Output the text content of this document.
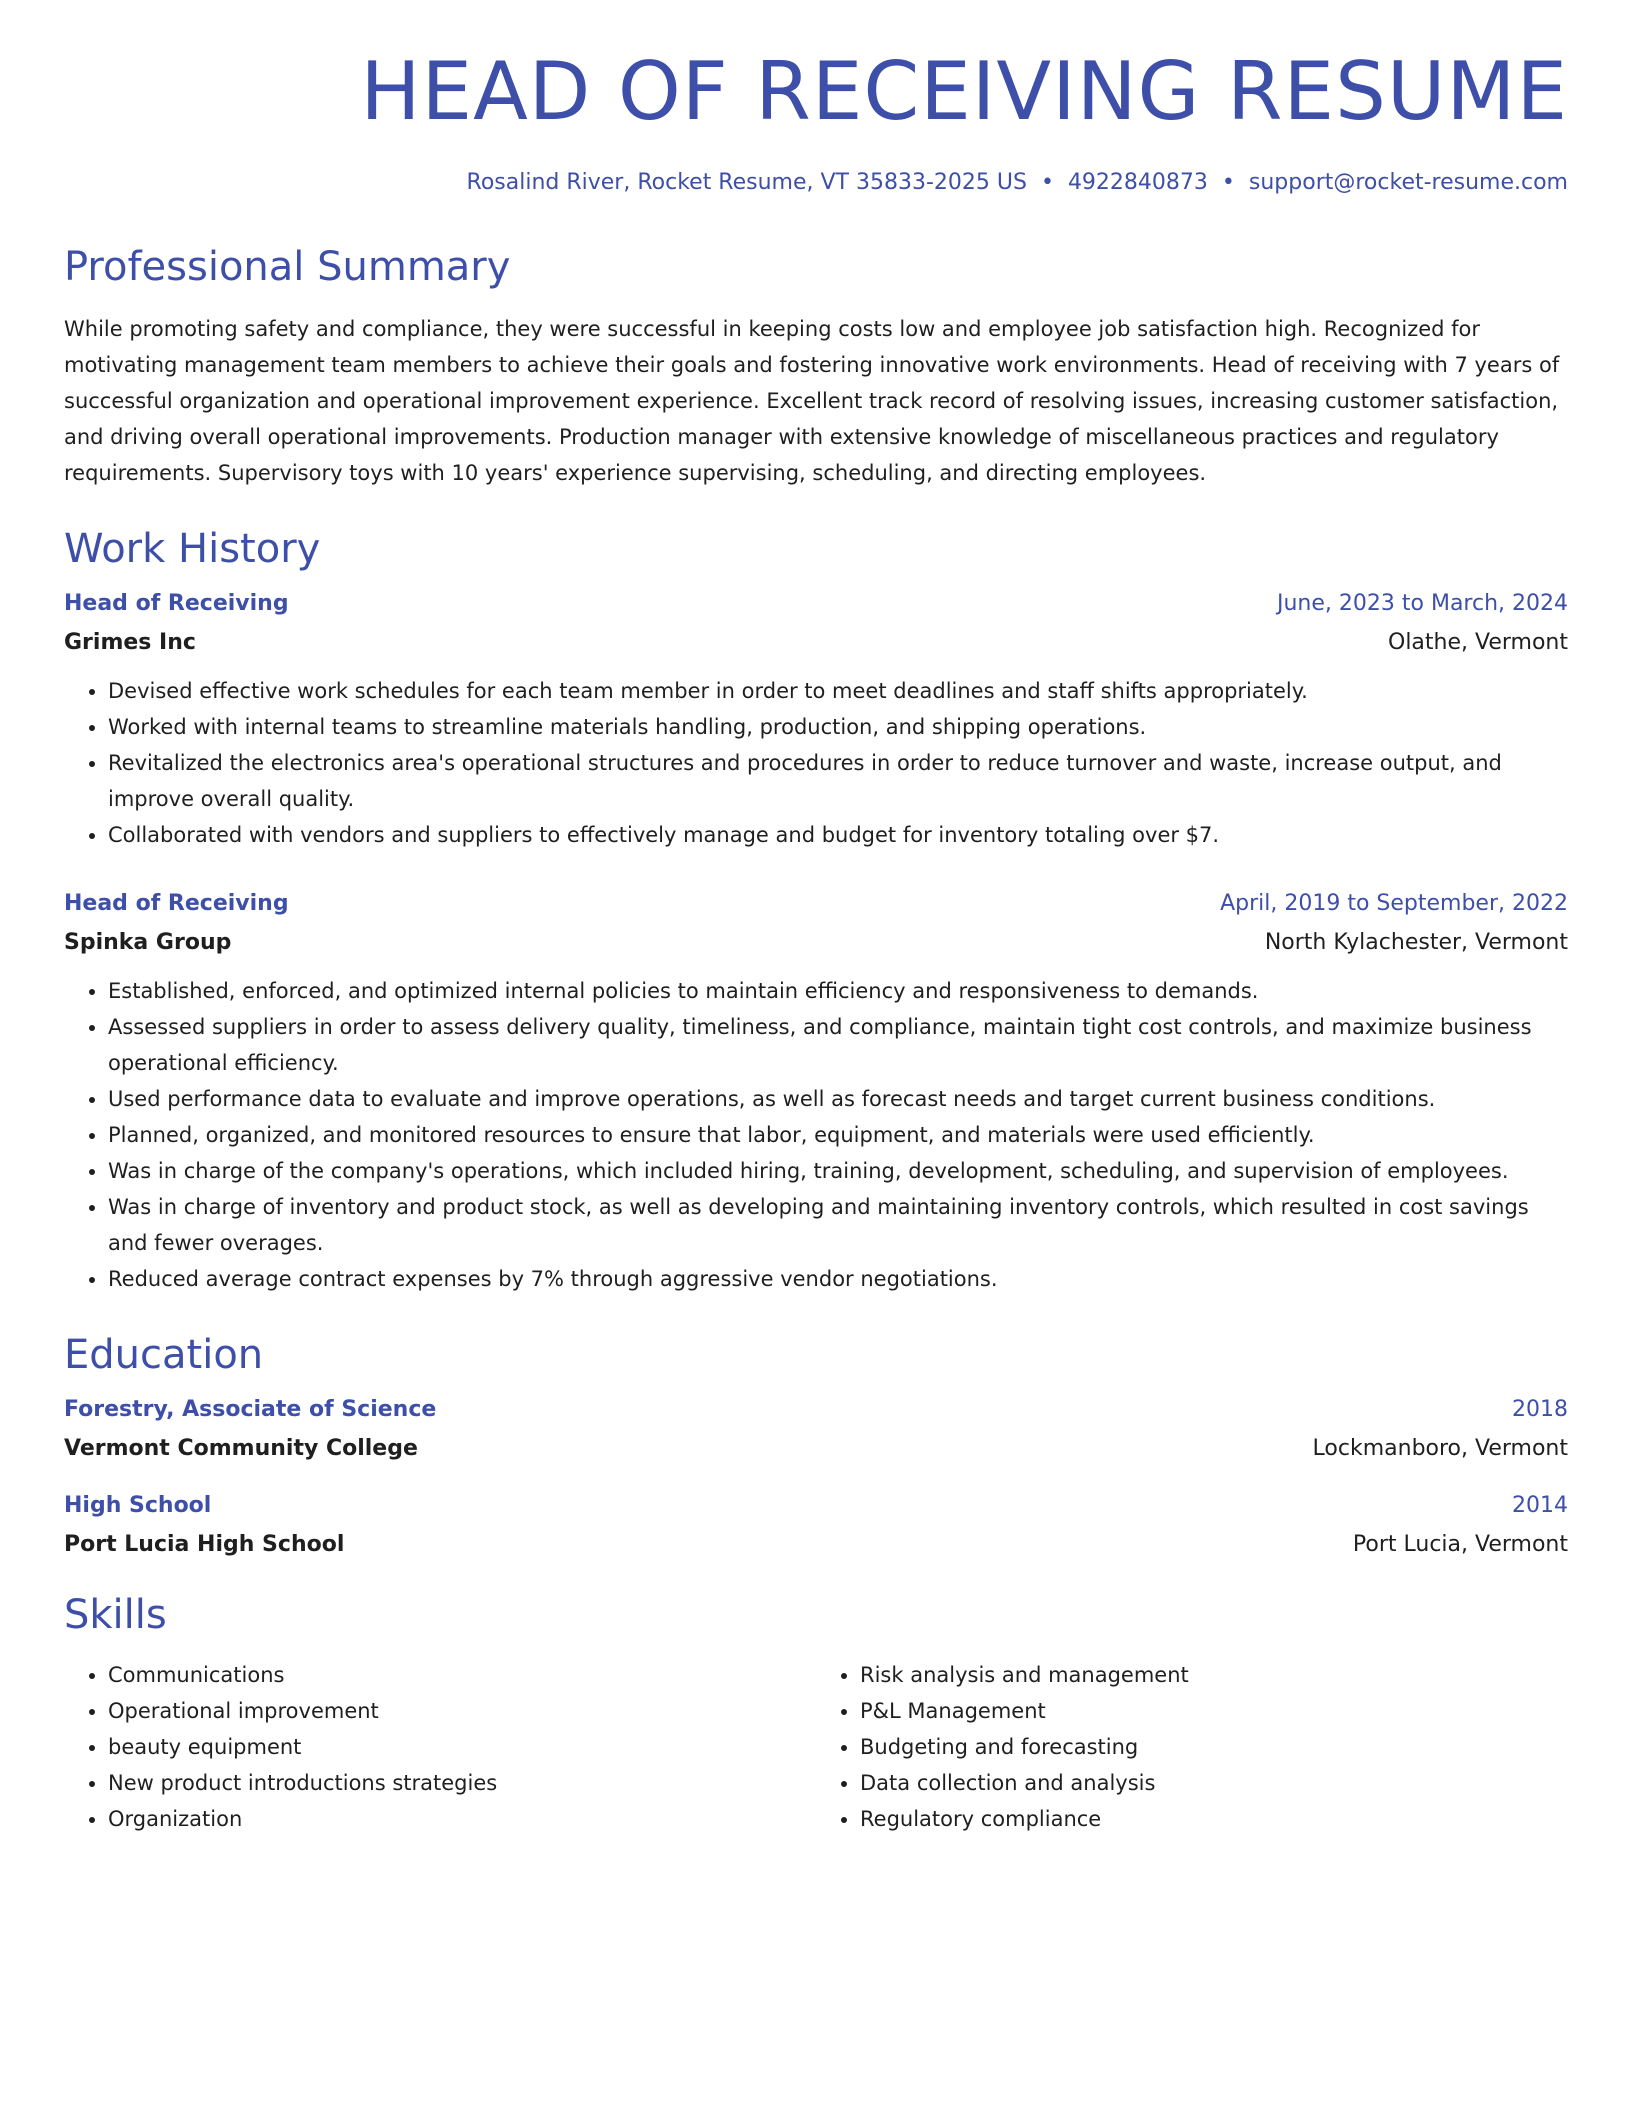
HEAD OF RECEIVING RESUME
Rosalind River, Rocket Resume, VT 35833-2025 US • 4922840873 • support@rocket-resume.com
Professional Summary
While promoting safety and compliance, they were successful in keeping costs low and employee job satisfaction high. Recognized for motivating management team members to achieve their goals and fostering innovative work environments. Head of receiving with 7 years of successful organization and operational improvement experience. Excellent track record of resolving issues, increasing customer satisfaction, and driving overall operational improvements. Production manager with extensive knowledge of miscellaneous practices and regulatory requirements. Supervisory toys with 10 years' experience supervising, scheduling, and directing employees.
Work History
Head of Receiving	June, 2023 to March, 2024
Grimes Inc	Olathe, Vermont
• Devised effective work schedules for each team member in order to meet deadlines and staff shifts appropriately.
• Worked with internal teams to streamline materials handling, production, and shipping operations.
• Revitalized the electronics area's operational structures and procedures in order to reduce turnover and waste, increase output, and improve overall quality.
• Collaborated with vendors and suppliers to effectively manage and budget for inventory totaling over $7.
Head of Receiving	April, 2019 to September, 2022
Spinka Group	North Kylachester, Vermont
• Established, enforced, and optimized internal policies to maintain efficiency and responsiveness to demands.
• Assessed suppliers in order to assess delivery quality, timeliness, and compliance, maintain tight cost controls, and maximize business operational efficiency.
• Used performance data to evaluate and improve operations, as well as forecast needs and target current business conditions.
• Planned, organized, and monitored resources to ensure that labor, equipment, and materials were used efficiently.
• Was in charge of the company's operations, which included hiring, training, development, scheduling, and supervision of employees.
• Was in charge of inventory and product stock, as well as developing and maintaining inventory controls, which resulted in cost savings and fewer overages.
• Reduced average contract expenses by 7% through aggressive vendor negotiations.
Education
Forestry, Associate of Science	2018
Vermont Community College	Lockmanboro, Vermont
High School	2014
Port Lucia High School	Port Lucia, Vermont
Skills
• Communications
• Operational improvement
• beauty equipment
• New product introductions strategies
• Organization
• Risk analysis and management
• P&L Management
• Budgeting and forecasting
• Data collection and analysis
• Regulatory compliance
